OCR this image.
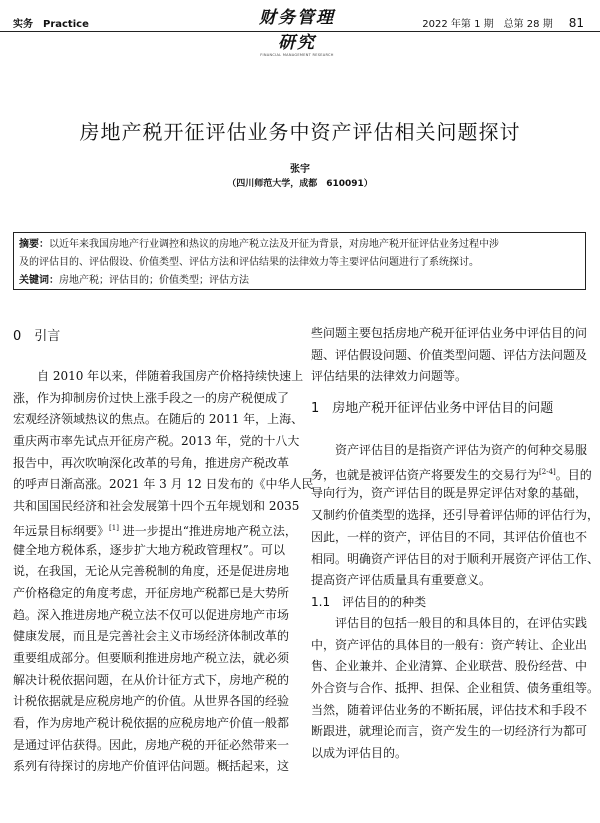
实务 Practice	财务管理研究
FINANCIAL MANAGEMENT RESEARCH
2022 年第 1 期　总第 28 期 81
房地产税开征评估业务中资产评估相关问题探讨
张宇
（四川师范大学，成都　610091）
摘要：以近年来我国房地产行业调控和热议的房地产税立法及开征为背景，对房地产税开征评估业务过程中涉
及的评估目的、评估假设、价值类型、评估方法和评估结果的法律效力等主要评估问题进行了系统探讨。
关键词：房地产税；评估目的；价值类型；评估方法
0　引言
　　自 2010 年以来，伴随着我国房产价格持续快速上
涨，作为抑制房价过快上涨手段之一的房产税便成了
宏观经济领域热议的焦点。在随后的 2011 年，上海、
重庆两市率先试点开征房产税。2013 年，党的十八大
报告中，再次吹响深化改革的号角，推进房产税改革
的呼声日渐高涨。2021 年 3 月 12 日发布的《中华人民
共和国国民经济和社会发展第十四个五年规划和 2035
年远景目标纲要》[1] 进一步提出“推进房地产税立法，
健全地方税体系，逐步扩大地方税政管理权”。可以
说，在我国，无论从完善税制的角度，还是促进房地
产价格稳定的角度考虑，开征房地产税都已是大势所
趋。深入推进房地产税立法不仅可以促进房地产市场
健康发展，而且是完善社会主义市场经济体制改革的
重要组成部分。但要顺利推进房地产税立法，就必须
解决计税依据问题，在从价计征方式下，房地产税的
计税依据就是应税房地产的价值。从世界各国的经验
看，作为房地产税计税依据的应税房地产价值一般都
是通过评估获得。因此，房地产税的开征必然带来一
系列有待探讨的房地产价值评估问题。概括起来，这
些问题主要包括房地产税开征评估业务中评估目的问
题、评估假设问题、价值类型问题、评估方法问题及
评估结果的法律效力问题等。
1　房地产税开征评估业务中评估目的问题
　　资产评估目的是指资产评估为资产的何种交易服
务，也就是被评估资产将要发生的交易行为[2-4]。目的
导向行为，资产评估目的既是界定评估对象的基础，
又制约价值类型的选择，还引导着评估师的评估行为，
因此，一样的资产，评估目的不同，其评估价值也不
相同。明确资产评估目的对于顺利开展资产评估工作、
提高资产评估质量具有重要意义。
1.1　评估目的的种类
　　评估目的包括一般目的和具体目的，在评估实践
中，资产评估的具体目的一般有：资产转让、企业出
售、企业兼并、企业清算、企业联营、股份经营、中
外合资与合作、抵押、担保、企业租赁、债务重组等。
当然，随着评估业务的不断拓展，评估技术和手段不
断跟进，就理论而言，资产发生的一切经济行为都可
以成为评估目的。
